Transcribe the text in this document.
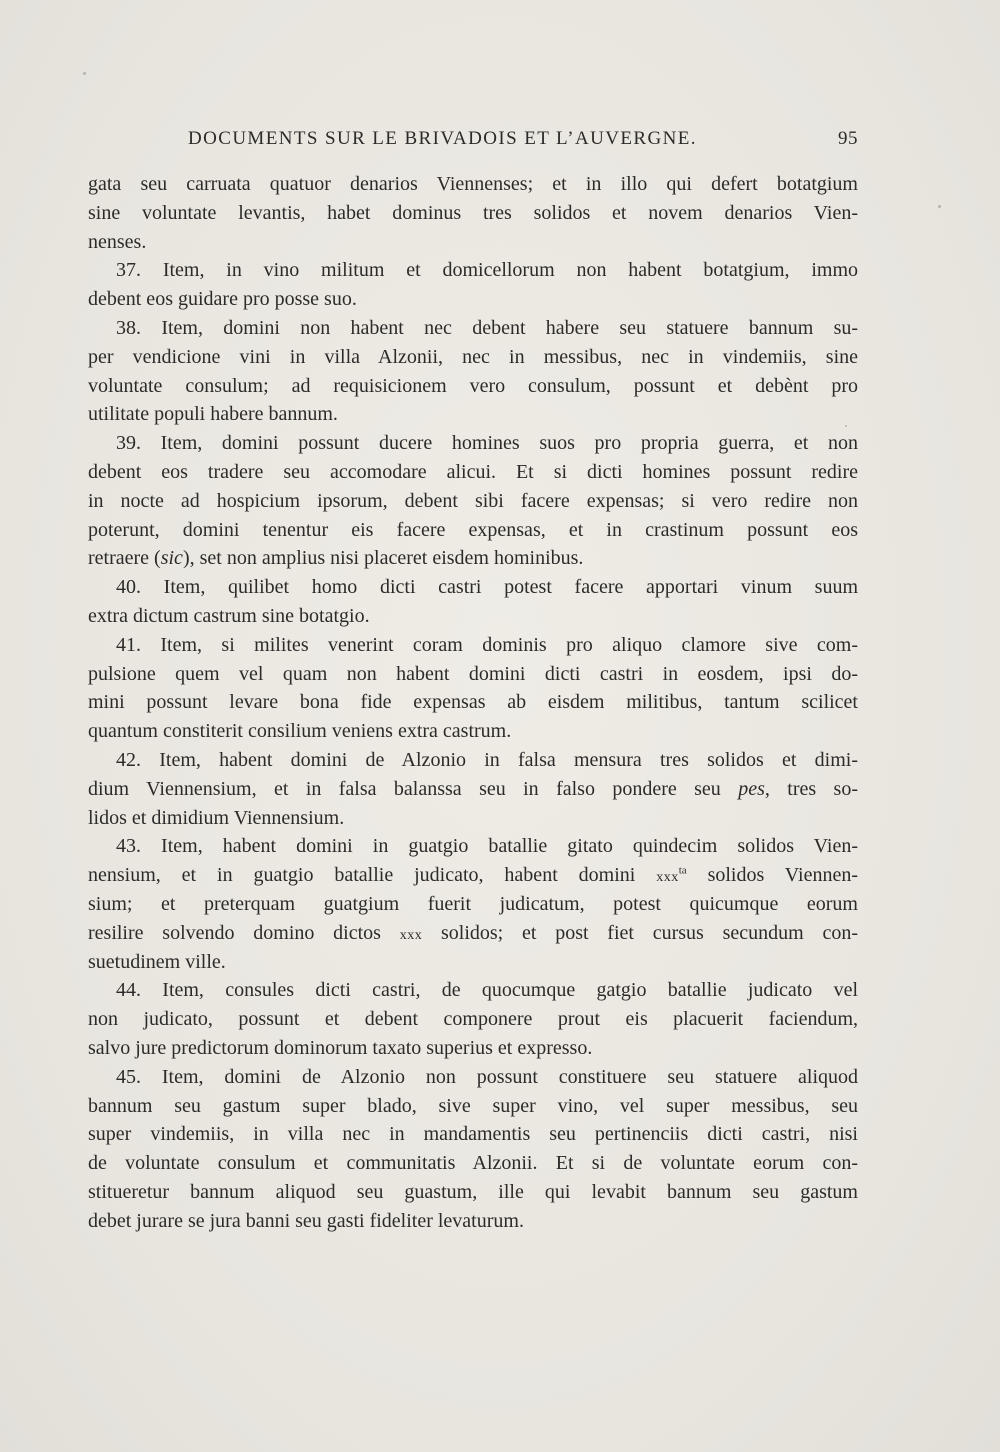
DOCUMENTS SUR LE BRIVADOIS ET L’AUVERGNE.	95
gata seu carruata quatuor denarios Viennenses; et in illo qui defert botatgium
sine voluntate levantis, habet dominus tres solidos et novem denarios Vien-
nenses.
37. Item, in vino militum et domicellorum non habent botatgium, immo
debent eos guidare pro posse suo.
38. Item, domini non habent nec debent habere seu statuere bannum su-
per vendicione vini in villa Alzonii, nec in messibus, nec in vindemiis, sine
voluntate consulum; ad requisicionem vero consulum, possunt et debènt pro
utilitate populi habere bannum.
39. Item, domini possunt ducere homines suos pro propria guerra, et non
debent eos tradere seu accomodare alicui. Et si dicti homines possunt redire
in nocte ad hospicium ipsorum, debent sibi facere expensas; si vero redire non
poterunt, domini tenentur eis facere expensas, et in crastinum possunt eos
retraere (sic), set non amplius nisi placeret eisdem hominibus.
40. Item, quilibet homo dicti castri potest facere apportari vinum suum
extra dictum castrum sine botatgio.
41. Item, si milites venerint coram dominis pro aliquo clamore sive com-
pulsione quem vel quam non habent domini dicti castri in eosdem, ipsi do-
mini possunt levare bona fide expensas ab eisdem militibus, tantum scilicet
quantum constiterit consilium veniens extra castrum.
42. Item, habent domini de Alzonio in falsa mensura tres solidos et dimi-
dium Viennensium, et in falsa balanssa seu in falso pondere seu pes, tres so-
lidos et dimidium Viennensium.
43. Item, habent domini in guatgio batallie gitato quindecim solidos Vien-
nensium, et in guatgio batallie judicato, habent domini xxx$^{ta}$ solidos Viennen-
sium; et preterquam guatgium fuerit judicatum, potest quicumque eorum
resilire solvendo domino dictos xxx solidos; et post fiet cursus secundum con-
suetudinem ville.
44. Item, consules dicti castri, de quocumque gatgio batallie judicato vel
non judicato, possunt et debent componere prout eis placuerit faciendum,
salvo jure predictorum dominorum taxato superius et expresso.
45. Item, domini de Alzonio non possunt constituere seu statuere aliquod
bannum seu gastum super blado, sive super vino, vel super messibus, seu
super vindemiis, in villa nec in mandamentis seu pertinenciis dicti castri, nisi
de voluntate consulum et communitatis Alzonii. Et si de voluntate eorum con-
stitueretur bannum aliquod seu guastum, ille qui levabit bannum seu gastum
debet jurare se jura banni seu gasti fideliter levaturum.
